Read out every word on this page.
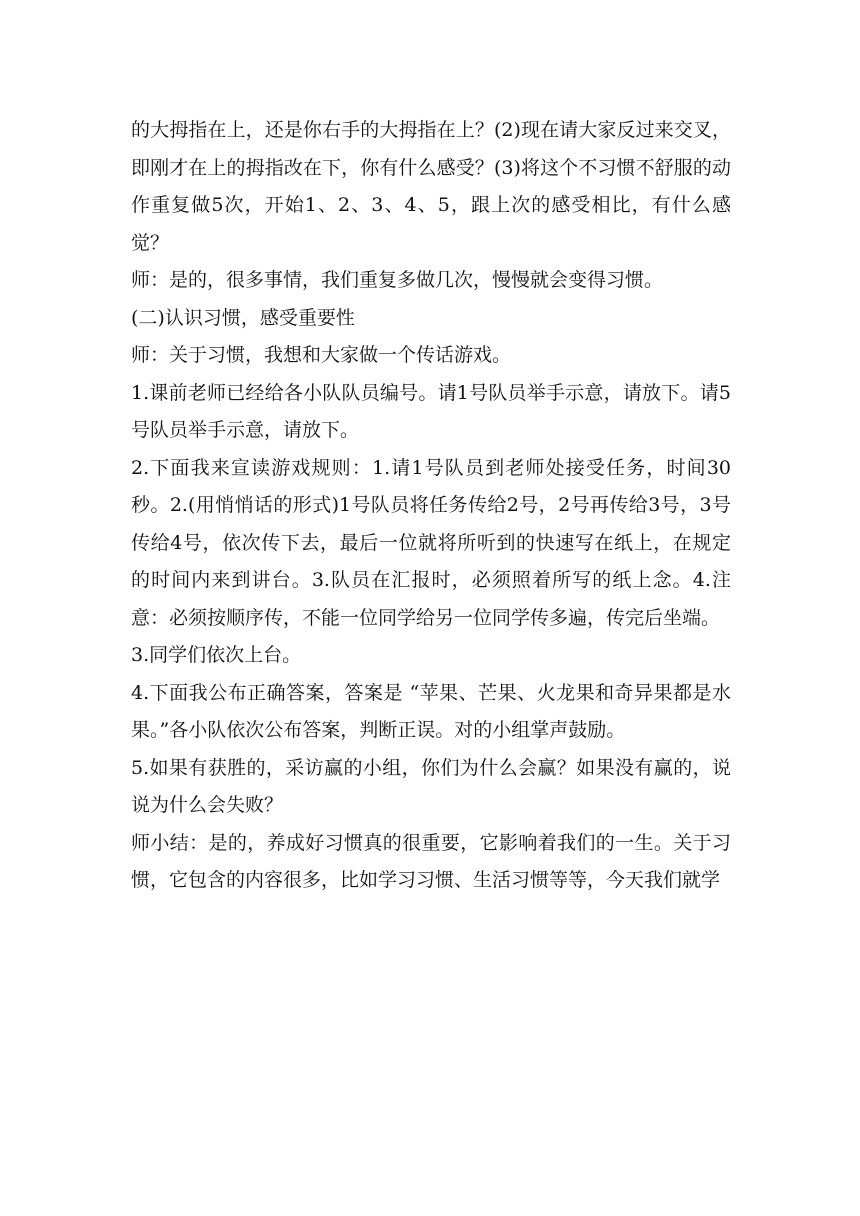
的大拇指在上，还是你右手的大拇指在上？(2)现在请大家反过来交叉，即刚才在上的拇指改在下，你有什么感受？(3)将这个不习惯不舒服的动作重复做5次，开始1、2、3、4、5，跟上次的感受相比，有什么感觉？

师：是的，很多事情，我们重复多做几次，慢慢就会变得习惯。

(二)认识习惯，感受重要性

师：关于习惯，我想和大家做一个传话游戏。

1.课前老师已经给各小队队员编号。请1号队员举手示意，请放下。请5号队员举手示意，请放下。

2.下面我来宣读游戏规则：1.请1号队员到老师处接受任务，时间30秒。2.(用悄悄话的形式)1号队员将任务传给2号，2号再传给3号，3号传给4号，依次传下去，最后一位就将所听到的快速写在纸上，在规定的时间内来到讲台。3.队员在汇报时，必须照着所写的纸上念。4.注意：必须按顺序传，不能一位同学给另一位同学传多遍，传完后坐端。

3.同学们依次上台。

4.下面我公布正确答案，答案是 “苹果、芒果、火龙果和奇异果都是水果。”各小队依次公布答案，判断正误。对的小组掌声鼓励。

5.如果有获胜的，采访赢的小组，你们为什么会赢？如果没有赢的，说说为什么会失败？

师小结：是的，养成好习惯真的很重要，它影响着我们的一生。关于习惯，它包含的内容很多，比如学习习惯、生活习惯等等，今天我们就学
